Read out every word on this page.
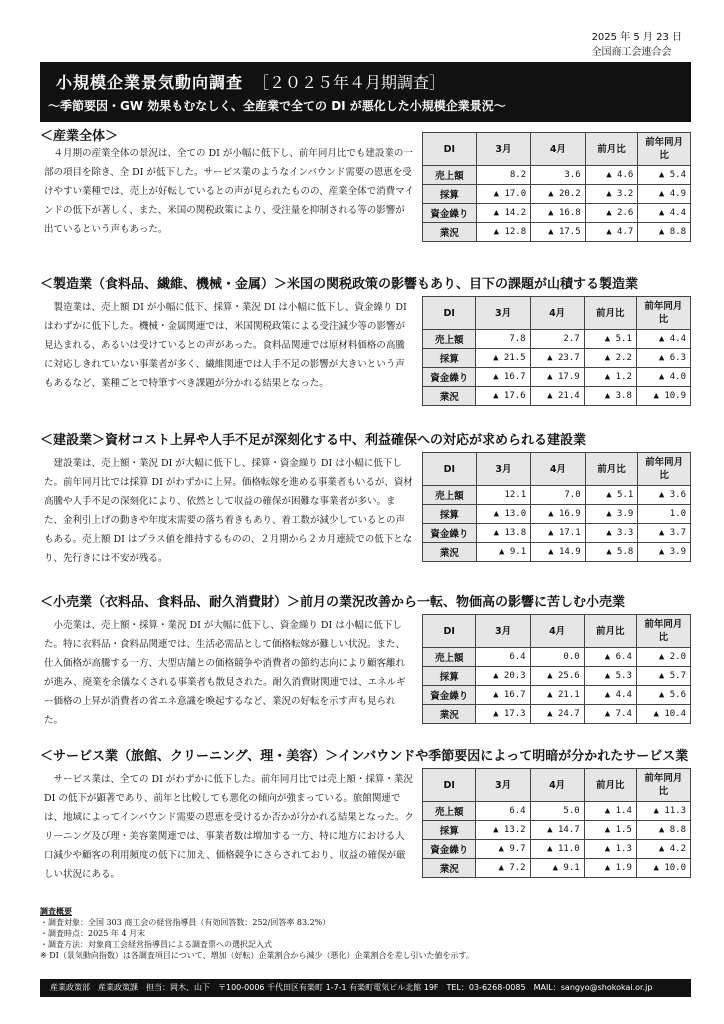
2025 年 5 月 23 日
全国商工会連合会
小規模企業景気動向調査 ［２０２５年４月期調査］
～季節要因・GW 効果もむなしく、全産業で全ての DI が悪化した小規模企業景況～
＜産業全体＞
４月期の産業全体の景況は、全ての DI が小幅に低下し、前年同月比でも建設業の一部の項目を除き、全 DI が低下した。サービス業のようなインバウンド需要の恩恵を受けやすい業種では、売上が好転しているとの声が見られたものの、産業全体で消費マインドの低下が著しく、また、米国の関税政策により、受注量を抑制される等の影響が出ているという声もあった。
DI	3月	4月	前月比	前年同月比
売上額	8.2	3.6	▲ 4.6	▲ 5.4
採算	▲ 17.0	▲ 20.2	▲ 3.2	▲ 4.9
資金繰り	▲ 14.2	▲ 16.8	▲ 2.6	▲ 4.4
業況	▲ 12.8	▲ 17.5	▲ 4.7	▲ 8.8
＜製造業（食料品、繊維、機械・金属）＞米国の関税政策の影響もあり、目下の課題が山積する製造業
製造業は、売上額 DI が小幅に低下、採算・業況 DI は小幅に低下し、資金繰り DI はわずかに低下した。機械・金属関連では、米国関税政策による受注減少等の影響が見込まれる、あるいは受けているとの声があった。食料品関連では原材料価格の高騰に対応しきれていない事業者が多く、繊維関連では人手不足の影響が大きいという声もあるなど、業種ごとで特筆すべき課題が分かれる結果となった。
DI	3月	4月	前月比	前年同月比
売上額	7.8	2.7	▲ 5.1	▲ 4.4
採算	▲ 21.5	▲ 23.7	▲ 2.2	▲ 6.3
資金繰り	▲ 16.7	▲ 17.9	▲ 1.2	▲ 4.0
業況	▲ 17.6	▲ 21.4	▲ 3.8	▲ 10.9
＜建設業＞資材コスト上昇や人手不足が深刻化する中、利益確保への対応が求められる建設業
建設業は、売上額・業況 DI が大幅に低下し、採算・資金繰り DI は小幅に低下した。前年同月比では採算 DI がわずかに上昇。価格転嫁を進める事業者もいるが、資材高騰や人手不足の深刻化により、依然として収益の確保が困難な事業者が多い。また、金利引上げの動きや年度末需要の落ち着きもあり、着工数が減少しているとの声もある。売上額 DI はプラス値を維持するものの、２月期から２カ月連続での低下となり、先行きには不安が残る。
DI	3月	4月	前月比	前年同月比
売上額	12.1	7.0	▲ 5.1	▲ 3.6
採算	▲ 13.0	▲ 16.9	▲ 3.9	1.0
資金繰り	▲ 13.8	▲ 17.1	▲ 3.3	▲ 3.7
業況	▲ 9.1	▲ 14.9	▲ 5.8	▲ 3.9
＜小売業（衣料品、食料品、耐久消費財）＞前月の業況改善から一転、物価高の影響に苦しむ小売業
小売業は、売上額・採算・業況 DI が大幅に低下し、資金繰り DI は小幅に低下した。特に衣料品・食料品関連では、生活必需品として価格転嫁が難しい状況。また、仕入価格が高騰する一方、大型店舗との価格競争や消費者の節約志向により顧客離れが進み、廃業を余儀なくされる事業者も散見された。耐久消費財関連では、エネルギー価格の上昇が消費者の省エネ意識を喚起するなど、業況の好転を示す声も見られた。
DI	3月	4月	前月比	前年同月比
売上額	6.4	0.0	▲ 6.4	▲ 2.0
採算	▲ 20.3	▲ 25.6	▲ 5.3	▲ 5.7
資金繰り	▲ 16.7	▲ 21.1	▲ 4.4	▲ 5.6
業況	▲ 17.3	▲ 24.7	▲ 7.4	▲ 10.4
＜サービス業（旅館、クリーニング、理・美容）＞インバウンドや季節要因によって明暗が分かれたサービス業
サービス業は、全ての DI がわずかに低下した。前年同月比では売上額・採算・業況 DI の低下が顕著であり、前年と比較しても悪化の傾向が強まっている。旅館関連では、地域によってインバウンド需要の恩恵を受けるか否かが分かれる結果となった。クリーニング及び理・美容業関連では、事業者数は増加する一方、特に地方における人口減少や顧客の利用頻度の低下に加え、価格競争にさらされており、収益の確保が厳しい状況にある。
DI	3月	4月	前月比	前年同月比
売上額	6.4	5.0	▲ 1.4	▲ 11.3
採算	▲ 13.2	▲ 14.7	▲ 1.5	▲ 8.8
資金繰り	▲ 9.7	▲ 11.0	▲ 1.3	▲ 4.2
業況	▲ 7.2	▲ 9.1	▲ 1.9	▲ 10.0
調査概要
・調査対象：全国 303 商工会の経営指導員（有効回答数：252/回答率 83.2%）
・調査時点：2025 年 4 月末
・調査方法：対象商工会経営指導員による調査票への選択記入式
※ DI（景気動向指数）は各調査項目について、増加（好転）企業割合から減少（悪化）企業割合を差し引いた値を示す。
産業政策部　産業政策課　担当：岡木、山下　〒100-0006 千代田区有楽町 1-7-1 有楽町電気ビル北館 19F　TEL：03-6268-0085　MAIL：sangyo@shokokai.or.jp
